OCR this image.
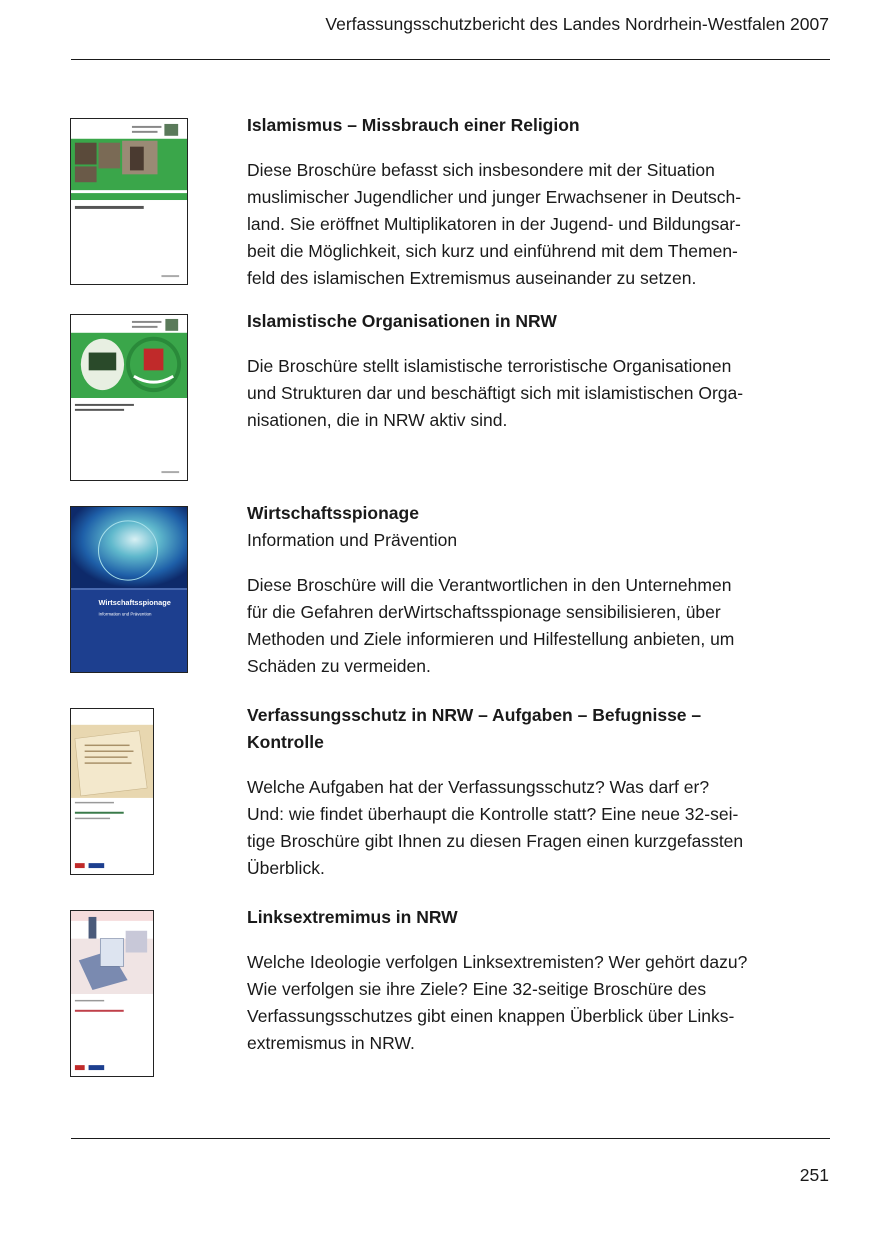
Verfassungsschutzbericht des Landes Nordrhein-Westfalen 2007

Islamismus – Missbrauch einer Religion

Diese Broschüre befasst sich insbesondere mit der Situation
muslimischer Jugendlicher und junger Erwachsener in Deutsch-
land. Sie eröffnet Multiplikatoren in der Jugend- und Bildungsar-
beit die Möglichkeit, sich kurz und einführend mit dem Themen-
feld des islamischen Extremismus auseinander zu setzen.

Islamistische Organisationen in NRW

Die Broschüre stellt islamistische terroristische Organisationen
und Strukturen dar und beschäftigt sich mit islamistischen Orga-
nisationen, die in NRW aktiv sind.

Wirtschaftsspionage
Information und Prävention

Wirtschaftsspionage

Information und Prävention

Diese Broschüre will die Verantwortlichen in den Unternehmen
für die Gefahren derWirtschaftsspionage sensibilisieren, über
Methoden und Ziele informieren und Hilfestellung anbieten, um
Schäden zu vermeiden.

Verfassungsschutz in NRW – Aufgaben – Befugnisse –
Kontrolle

Welche Aufgaben hat der Verfassungsschutz? Was darf er?
Und: wie findet überhaupt die Kontrolle statt? Eine neue 32-sei-
tige Broschüre gibt Ihnen zu diesen Fragen einen kurzgefassten
Überblick.

Linksextremimus in NRW

Welche Ideologie verfolgen Linksextremisten? Wer gehört dazu?
Wie verfolgen sie ihre Ziele? Eine 32-seitige Broschüre des
Verfassungsschutzes gibt einen knappen Überblick über Links-
extremismus in NRW.

251
